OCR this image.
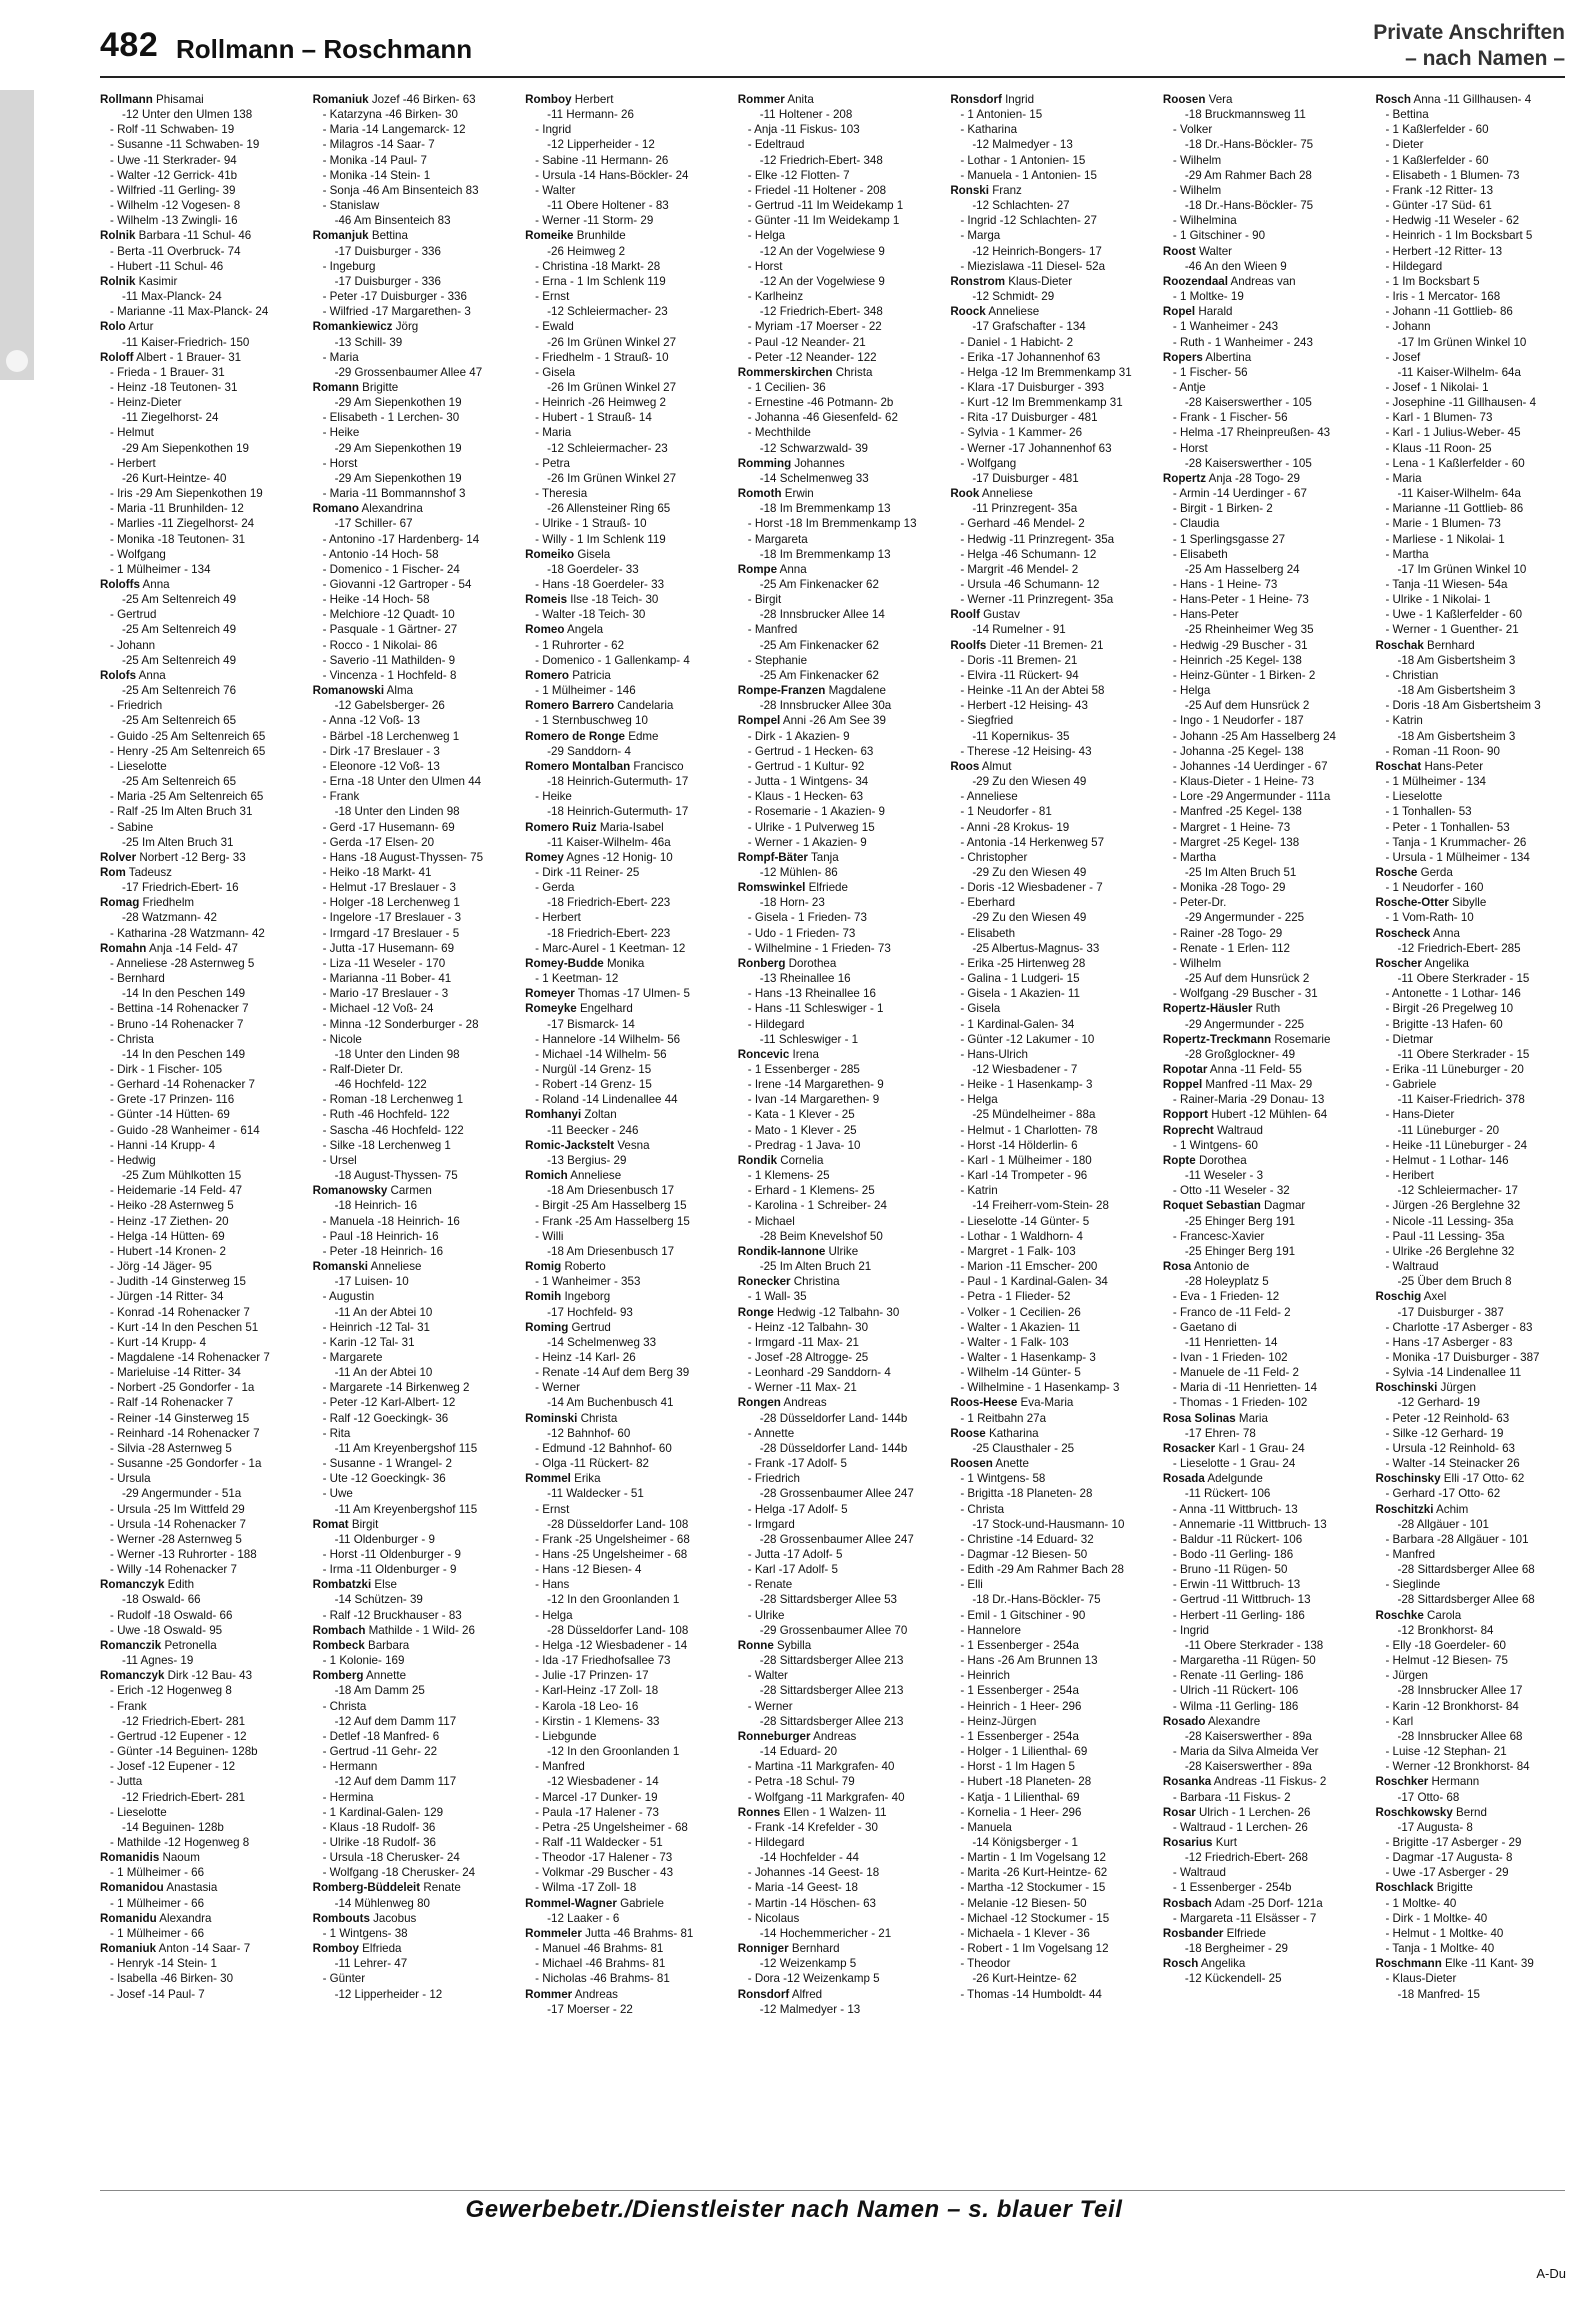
482 Rollmann – Roschmann
Private Anschriften
– nach Namen –
Rollmann Phisamai
-12 Unter den Ulmen 138
- Rolf -11 Schwaben- 19
- Susanne -11 Schwaben- 19
- Uwe -11 Sterkrader- 94
- Walter -12 Gerrick- 41b
- Wilfried -11 Gerling- 39
- Wilhelm -12 Vogesen- 8
- Wilhelm -13 Zwingli- 16
Rolnik Barbara -11 Schul- 46
- Berta -11 Overbruck- 74
- Hubert -11 Schul- 46
Rolnik Kasimir
-11 Max-Planck- 24
- Marianne -11 Max-Planck- 24
Rolo Artur
-11 Kaiser-Friedrich- 150
Roloff Albert - 1 Brauer- 31
- Frieda - 1 Brauer- 31
- Heinz -18 Teutonen- 31
- Heinz-Dieter
-11 Ziegelhorst- 24
- Helmut
-29 Am Siepenkothen 19
- Herbert
-26 Kurt-Heintze- 40
- Iris -29 Am Siepenkothen 19
- Maria -11 Brunhilden- 12
- Marlies -11 Ziegelhorst- 24
- Monika -18 Teutonen- 31
- Wolfgang
- 1 Mülheimer - 134
Roloffs Anna
-25 Am Seltenreich 49
- Gertrud
-25 Am Seltenreich 49
- Johann
-25 Am Seltenreich 49
Rolofs Anna
-25 Am Seltenreich 76
- Friedrich
-25 Am Seltenreich 65
- Guido -25 Am Seltenreich 65
- Henry -25 Am Seltenreich 65
- Lieselotte
-25 Am Seltenreich 65
- Maria -25 Am Seltenreich 65
- Ralf -25 Im Alten Bruch 31
- Sabine
-25 Im Alten Bruch 31
Rolver Norbert -12 Berg- 33
Rom Tadeusz
-17 Friedrich-Ebert- 16
Romag Friedhelm
-28 Watzmann- 42
- Katharina -28 Watzmann- 42
Romahn Anja -14 Feld- 47
- Anneliese -28 Asternweg 5
- Bernhard
-14 In den Peschen 149
- Bettina -14 Rohenacker 7
- Bruno -14 Rohenacker 7
- Christa
-14 In den Peschen 149
- Dirk - 1 Fischer- 105
- Gerhard -14 Rohenacker 7
- Grete -17 Prinzen- 116
- Günter -14 Hütten- 69
- Guido -28 Wanheimer - 614
- Hanni -14 Krupp- 4
- Hedwig
-25 Zum Mühlkotten 15
- Heidemarie -14 Feld- 47
- Heiko -28 Asternweg 5
- Heinz -17 Ziethen- 20
- Helga -14 Hütten- 69
- Hubert -14 Kronen- 2
- Jörg -14 Jäger- 95
- Judith -14 Ginsterweg 15
- Jürgen -14 Ritter- 34
- Konrad -14 Rohenacker 7
- Kurt -14 In den Peschen 51
- Kurt -14 Krupp- 4
- Magdalene -14 Rohenacker 7
- Marieluise -14 Ritter- 34
- Norbert -25 Gondorfer - 1a
- Ralf -14 Rohenacker 7
- Reiner -14 Ginsterweg 15
- Reinhard -14 Rohenacker 7
- Silvia -28 Asternweg 5
- Susanne -25 Gondorfer - 1a
- Ursula
-29 Angermunder - 51a
- Ursula -25 Im Wittfeld 29
- Ursula -14 Rohenacker 7
- Werner -28 Asternweg 5
- Werner -13 Ruhrorter - 188
- Willy -14 Rohenacker 7
Romanczyk Edith
-18 Oswald- 66
- Rudolf -18 Oswald- 66
- Uwe -18 Oswald- 95
Romanczik Petronella
-11 Agnes- 19
Romanczyk Dirk -12 Bau- 43
- Erich -12 Hogenweg 8
- Frank
-12 Friedrich-Ebert- 281
- Gertrud -12 Eupener - 12
- Günter -14 Beguinen- 128b
- Josef -12 Eupener - 12
- Jutta
-12 Friedrich-Ebert- 281
- Lieselotte
-14 Beguinen- 128b
- Mathilde -12 Hogenweg 8
Romanidis Naoum
- 1 Mülheimer - 66
Romanidou Anastasia
- 1 Mülheimer - 66
Romanidu Alexandra
- 1 Mülheimer - 66
Romaniuk Anton -14 Saar- 7
- Henryk -14 Stein- 1
- Isabella -46 Birken- 30
- Josef -14 Paul- 7
Romaniuk Jozef -46 Birken- 63
- Katarzyna -46 Birken- 30
- Maria -14 Langemarck- 12
- Milagros -14 Saar- 7
- Monika -14 Paul- 7
- Monika -14 Stein- 1
- Sonja -46 Am Binsenteich 83
- Stanislaw
-46 Am Binsenteich 83
Romanjuk Bettina
-17 Duisburger - 336
- Ingeburg
-17 Duisburger - 336
- Peter -17 Duisburger - 336
- Wilfried -17 Margarethen- 3
Romankiewicz Jörg
-13 Schill- 39
- Maria
-29 Grossenbaumer Allee 47
Romann Brigitte
-29 Am Siepenkothen 19
- Elisabeth - 1 Lerchen- 30
- Heike
-29 Am Siepenkothen 19
- Horst
-29 Am Siepenkothen 19
- Maria -11 Bommannshof 3
Romano Alexandrina
-17 Schiller- 67
- Antonino -17 Hardenberg- 14
- Antonio -14 Hoch- 58
- Domenico - 1 Fischer- 24
- Giovanni -12 Gartroper - 54
- Heike -14 Hoch- 58
- Melchiore -12 Quadt- 10
- Pasquale - 1 Gärtner- 27
- Rocco - 1 Nikolai- 86
- Saverio -11 Mathilden- 9
- Vincenza - 1 Hochfeld- 8
Romanowski Alma
-12 Gabelsberger- 26
- Anna -12 Voß- 13
- Bärbel -18 Lerchenweg 1
- Dirk -17 Breslauer - 3
- Eleonore -12 Voß- 13
- Erna -18 Unter den Ulmen 44
- Frank
-18 Unter den Linden 98
- Gerd -17 Husemann- 69
- Gerda -17 Elsen- 20
- Hans -18 August-Thyssen- 75
- Heiko -18 Markt- 41
- Helmut -17 Breslauer - 3
- Holger -18 Lerchenweg 1
- Ingelore -17 Breslauer - 3
- Irmgard -17 Breslauer - 5
- Jutta -17 Husemann- 69
- Liza -11 Weseler - 170
- Marianna -11 Bober- 41
- Mario -17 Breslauer - 3
- Michael -12 Voß- 24
- Minna -12 Sonderburger - 28
- Nicole
-18 Unter den Linden 98
- Ralf-Dieter Dr.
-46 Hochfeld- 122
- Roman -18 Lerchenweg 1
- Ruth -46 Hochfeld- 122
- Sascha -46 Hochfeld- 122
- Silke -18 Lerchenweg 1
- Ursel
-18 August-Thyssen- 75
Romanowsky Carmen
-18 Heinrich- 16
- Manuela -18 Heinrich- 16
- Paul -18 Heinrich- 16
- Peter -18 Heinrich- 16
Romanski Anneliese
-17 Luisen- 10
- Augustin
-11 An der Abtei 10
- Heinrich -12 Tal- 31
- Karin -12 Tal- 31
- Margarete
-11 An der Abtei 10
- Margarete -14 Birkenweg 2
- Peter -12 Karl-Albert- 12
- Ralf -12 Goeckingk- 36
- Rita
-11 Am Kreyenbergshof 115
- Susanne - 1 Wrangel- 2
- Ute -12 Goeckingk- 36
- Uwe
-11 Am Kreyenbergshof 115
Romat Birgit
-11 Oldenburger - 9
- Horst -11 Oldenburger - 9
- Irma -11 Oldenburger - 9
Rombatzki Else
-14 Schützen- 39
- Ralf -12 Bruckhauser - 83
Rombach Mathilde - 1 Wild- 26
Rombeck Barbara
- 1 Kolonie- 169
Romberg Annette
-18 Am Damm 25
- Christa
-12 Auf dem Damm 117
- Detlef -18 Manfred- 6
- Gertrud -11 Gehr- 22
- Hermann
-12 Auf dem Damm 117
- Hermina
- 1 Kardinal-Galen- 129
- Klaus -18 Rudolf- 36
- Ulrike -18 Rudolf- 36
- Ursula -18 Cherusker- 24
- Wolfgang -18 Cherusker- 24
Romberg-Büddeleit Renate
-14 Mühlenweg 80
Rombouts Jacobus
- 1 Wintgens- 38
Romboy Elfrieda
-11 Lehrer- 47
- Günter
-12 Lipperheider - 12
Romboy Herbert
-11 Hermann- 26
- Ingrid
-12 Lipperheider - 12
- Sabine -11 Hermann- 26
- Ursula -14 Hans-Böckler- 24
- Walter
-11 Obere Holtener - 83
- Werner -11 Storm- 29
Romeike Brunhilde
-26 Heimweg 2
- Christina -18 Markt- 28
- Erna - 1 Im Schlenk 119
- Ernst
-12 Schleiermacher- 23
- Ewald
-26 Im Grünen Winkel 27
- Friedhelm - 1 Strauß- 10
- Gisela
-26 Im Grünen Winkel 27
- Heinrich -26 Heimweg 2
- Hubert - 1 Strauß- 14
- Maria
-12 Schleiermacher- 23
- Petra
-26 Im Grünen Winkel 27
- Theresia
-26 Allensteiner Ring 65
- Ulrike - 1 Strauß- 10
- Willy - 1 Im Schlenk 119
Romeiko Gisela
-18 Goerdeler- 33
- Hans -18 Goerdeler- 33
Romeis Ilse -18 Teich- 30
- Walter -18 Teich- 30
Romeo Angela
- 1 Ruhrorter - 62
- Domenico - 1 Gallenkamp- 4
Romero Patricia
- 1 Mülheimer - 146
Romero Barrero Candelaria
- 1 Sternbuschweg 10
Romero de Ronge Edme
-29 Sanddorn- 4
Romero Montalban Francisco
-18 Heinrich-Gutermuth- 17
- Heike
-18 Heinrich-Gutermuth- 17
Romero Ruiz Maria-Isabel
-11 Kaiser-Wilhelm- 46a
Romey Agnes -12 Honig- 10
- Dirk -11 Reiner- 25
- Gerda
-18 Friedrich-Ebert- 223
- Herbert
-18 Friedrich-Ebert- 223
- Marc-Aurel - 1 Keetman- 12
Romey-Budde Monika
- 1 Keetman- 12
Romeyer Thomas -17 Ulmen- 5
Romeyke Engelhard
-17 Bismarck- 14
- Hannelore -14 Wilhelm- 56
- Michael -14 Wilhelm- 56
- Nurgül -14 Grenz- 15
- Robert -14 Grenz- 15
- Roland -14 Lindenallee 44
Romhanyi Zoltan
-11 Beecker - 246
Romic-Jackstelt Vesna
-13 Bergius- 29
Romich Anneliese
-18 Am Driesenbusch 17
- Birgit -25 Am Hasselberg 15
- Frank -25 Am Hasselberg 15
- Willi
-18 Am Driesenbusch 17
Romig Roberto
- 1 Wanheimer - 353
Romih Ingeborg
-17 Hochfeld- 93
Roming Gertrud
-14 Schelmenweg 33
- Heinz -14 Karl- 26
- Renate -14 Auf dem Berg 39
- Werner
-14 Am Buchenbusch 41
Rominski Christa
-12 Bahnhof- 60
- Edmund -12 Bahnhof- 60
- Olga -11 Rückert- 82
Rommel Erika
-11 Waldecker - 51
- Ernst
-28 Düsseldorfer Land- 108
- Frank -25 Ungelsheimer - 68
- Hans -25 Ungelsheimer - 68
- Hans -12 Biesen- 4
- Hans
-12 In den Groonlanden 1
- Helga
-28 Düsseldorfer Land- 108
- Helga -12 Wiesbadener - 14
- Ida -17 Friedhofsallee 73
- Julie -17 Prinzen- 17
- Karl-Heinz -17 Zoll- 18
- Karola -18 Leo- 16
- Kirstin - 1 Klemens- 33
- Liebgunde
-12 In den Groonlanden 1
- Manfred
-12 Wiesbadener - 14
- Marcel -17 Dunker- 19
- Paula -17 Halener - 73
- Petra -25 Ungelsheimer - 68
- Ralf -11 Waldecker - 51
- Theodor -17 Halener - 73
- Volkmar -29 Buscher - 43
- Wilma -17 Zoll- 18
Rommel-Wagner Gabriele
-12 Laaker - 6
Rommeler Jutta -46 Brahms- 81
- Manuel -46 Brahms- 81
- Michael -46 Brahms- 81
- Nicholas -46 Brahms- 81
Rommer Andreas
-17 Moerser - 22
Rommer Anita
-11 Holtener - 208
- Anja -11 Fiskus- 103
- Edeltraud
-12 Friedrich-Ebert- 348
- Elke -12 Flotten- 7
- Friedel -11 Holtener - 208
- Gertrud -11 Im Weidekamp 1
- Günter -11 Im Weidekamp 1
- Helga
-12 An der Vogelwiese 9
- Horst
-12 An der Vogelwiese 9
- Karlheinz
-12 Friedrich-Ebert- 348
- Myriam -17 Moerser - 22
- Paul -12 Neander- 21
- Peter -12 Neander- 122
Rommerskirchen Christa
- 1 Cecilien- 36
- Ernestine -46 Potmann- 2b
- Johanna -46 Giesenfeld- 62
- Mechthilde
-12 Schwarzwald- 39
Romming Johannes
-14 Schelmenweg 33
Romoth Erwin
-18 Im Bremmenkamp 13
- Horst -18 Im Bremmenkamp 13
- Margareta
-18 Im Bremmenkamp 13
Rompe Anna
-25 Am Finkenacker 62
- Birgit
-28 Innsbrucker Allee 14
- Manfred
-25 Am Finkenacker 62
- Stephanie
-25 Am Finkenacker 62
Rompe-Franzen Magdalene
-28 Innsbrucker Allee 30a
Rompel Anni -26 Am See 39
- Dirk - 1 Akazien- 9
- Gertrud - 1 Hecken- 63
- Gertrud - 1 Kultur- 92
- Jutta - 1 Wintgens- 34
- Klaus - 1 Hecken- 63
- Rosemarie - 1 Akazien- 9
- Ulrike - 1 Pulverweg 15
- Werner - 1 Akazien- 9
Rompf-Bäter Tanja
-12 Mühlen- 86
Romswinkel Elfriede
-18 Horn- 23
- Gisela - 1 Frieden- 73
- Udo - 1 Frieden- 73
- Wilhelmine - 1 Frieden- 73
Ronberg Dorothea
-13 Rheinallee 16
- Hans -13 Rheinallee 16
- Hans -11 Schleswiger - 1
- Hildegard
-11 Schleswiger - 1
Roncevic Irena
- 1 Essenberger - 285
- Irene -14 Margarethen- 9
- Ivan -14 Margarethen- 9
- Kata - 1 Klever - 25
- Mato - 1 Klever - 25
- Predrag - 1 Java- 10
Rondik Cornelia
- 1 Klemens- 25
- Erhard - 1 Klemens- 25
- Karolina - 1 Schreiber- 24
- Michael
-28 Beim Knevelshof 50
Rondik-Iannone Ulrike
-25 Im Alten Bruch 21
Ronecker Christina
- 1 Wall- 35
Ronge Hedwig -12 Talbahn- 30
- Heinz -12 Talbahn- 30
- Irmgard -11 Max- 21
- Josef -28 Altrogge- 25
- Leonhard -29 Sanddorn- 4
- Werner -11 Max- 21
Rongen Andreas
-28 Düsseldorfer Land- 144b
- Annette
-28 Düsseldorfer Land- 144b
- Frank -17 Adolf- 5
- Friedrich
-28 Grossenbaumer Allee 247
- Helga -17 Adolf- 5
- Irmgard
-28 Grossenbaumer Allee 247
- Jutta -17 Adolf- 5
- Karl -17 Adolf- 5
- Renate
-28 Sittardsberger Allee 53
- Ulrike
-29 Grossenbaumer Allee 70
Ronne Sybilla
-28 Sittardsberger Allee 213
- Walter
-28 Sittardsberger Allee 213
- Werner
-28 Sittardsberger Allee 213
Ronneburger Andreas
-14 Eduard- 20
- Martina -11 Markgrafen- 40
- Petra -18 Schul- 79
- Wolfgang -11 Markgrafen- 40
Ronnes Ellen - 1 Walzen- 11
- Frank -14 Krefelder - 30
- Hildegard
-14 Hochfelder - 44
- Johannes -14 Geest- 18
- Maria -14 Geest- 18
- Martin -14 Höschen- 63
- Nicolaus
-14 Hochemmericher - 21
Ronniger Bernhard
-12 Weizenkamp 5
- Dora -12 Weizenkamp 5
Ronsdorf Alfred
-12 Malmedyer - 13
Ronsdorf Ingrid
- 1 Antonien- 15
- Katharina
-12 Malmedyer - 13
- Lothar - 1 Antonien- 15
- Manuela - 1 Antonien- 15
Ronski Franz
-12 Schlachten- 27
- Ingrid -12 Schlachten- 27
- Marga
-12 Heinrich-Bongers- 17
- Miezislawa -11 Diesel- 52a
Ronstrom Klaus-Dieter
-12 Schmidt- 29
Roock Anneliese
-17 Grafschafter - 134
- Daniel - 1 Habicht- 2
- Erika -17 Johannenhof 63
- Helga -12 Im Bremmenkamp 31
- Klara -17 Duisburger - 393
- Kurt -12 Im Bremmenkamp 31
- Rita -17 Duisburger - 481
- Sylvia - 1 Kammer- 26
- Werner -17 Johannenhof 63
- Wolfgang
-17 Duisburger - 481
Rook Anneliese
-11 Prinzregent- 35a
- Gerhard -46 Mendel- 2
- Hedwig -11 Prinzregent- 35a
- Helga -46 Schumann- 12
- Margrit -46 Mendel- 2
- Ursula -46 Schumann- 12
- Werner -11 Prinzregent- 35a
Roolf Gustav
-14 Rumelner - 91
Roolfs Dieter -11 Bremen- 21
- Doris -11 Bremen- 21
- Elvira -11 Rückert- 94
- Heinke -11 An der Abtei 58
- Herbert -12 Heising- 43
- Siegfried
-11 Kopernikus- 35
- Therese -12 Heising- 43
Roos Almut
-29 Zu den Wiesen 49
- Anneliese
- 1 Neudorfer - 81
- Anni -28 Krokus- 19
- Antonia -14 Herkenweg 57
- Christopher
-29 Zu den Wiesen 49
- Doris -12 Wiesbadener - 7
- Eberhard
-29 Zu den Wiesen 49
- Elisabeth
-25 Albertus-Magnus- 33
- Erika -25 Hirtenweg 28
- Galina - 1 Ludgeri- 15
- Gisela - 1 Akazien- 11
- Gisela
- 1 Kardinal-Galen- 34
- Günter -12 Lakumer - 10
- Hans-Ulrich
-12 Wiesbadener - 7
- Heike - 1 Hasenkamp- 3
- Helga
-25 Mündelheimer - 88a
- Helmut - 1 Charlotten- 78
- Horst -14 Hölderlin- 6
- Karl - 1 Mülheimer - 180
- Karl -14 Trompeter - 96
- Katrin
-14 Freiherr-vom-Stein- 28
- Lieselotte -14 Günter- 5
- Lothar - 1 Waldhorn- 4
- Margret - 1 Falk- 103
- Marion -11 Emscher- 200
- Paul - 1 Kardinal-Galen- 34
- Petra - 1 Flieder- 52
- Volker - 1 Cecilien- 26
- Walter - 1 Akazien- 11
- Walter - 1 Falk- 103
- Walter - 1 Hasenkamp- 3
- Wilhelm -14 Günter- 5
- Wilhelmine - 1 Hasenkamp- 3
Roos-Heese Eva-Maria
- 1 Reitbahn 27a
Roose Katharina
-25 Clausthaler - 25
Roosen Anette
- 1 Wintgens- 58
- Brigitta -18 Planeten- 28
- Christa
-17 Stock-und-Hausmann- 10
- Christine -14 Eduard- 32
- Dagmar -12 Biesen- 50
- Edith -29 Am Rahmer Bach 28
- Elli
-18 Dr.-Hans-Böckler- 75
- Emil - 1 Gitschiner - 90
- Hannelore
- 1 Essenberger - 254a
- Hans -26 Am Brunnen 13
- Heinrich
- 1 Essenberger - 254a
- Heinrich - 1 Heer- 296
- Heinz-Jürgen
- 1 Essenberger - 254a
- Holger - 1 Lilienthal- 69
- Horst - 1 Im Hagen 5
- Hubert -18 Planeten- 28
- Katja - 1 Lilienthal- 69
- Kornelia - 1 Heer- 296
- Manuela
-14 Königsberger - 1
- Martin - 1 Im Vogelsang 12
- Marita -26 Kurt-Heintze- 62
- Martha -12 Stockumer - 15
- Melanie -12 Biesen- 50
- Michael -12 Stockumer - 15
- Michaela - 1 Klever - 36
- Robert - 1 Im Vogelsang 12
- Theodor
-26 Kurt-Heintze- 62
- Thomas -14 Humboldt- 44
Roosen Vera
-18 Bruckmannsweg 11
- Volker
-18 Dr.-Hans-Böckler- 75
- Wilhelm
-29 Am Rahmer Bach 28
- Wilhelm
-18 Dr.-Hans-Böckler- 75
- Wilhelmina
- 1 Gitschiner - 90
Roost Walter
-46 An den Wieen 9
Roozendaal Andreas van
- 1 Moltke- 19
Ropel Harald
- 1 Wanheimer - 243
- Ruth - 1 Wanheimer - 243
Ropers Albertina
- 1 Fischer- 56
- Antje
-28 Kaiserswerther - 105
- Frank - 1 Fischer- 56
- Helma -17 Rheinpreußen- 43
- Horst
-28 Kaiserswerther - 105
Ropertz Anja -28 Togo- 29
- Armin -14 Uerdinger - 67
- Birgit - 1 Birken- 2
- Claudia
- 1 Sperlingsgasse 27
- Elisabeth
-25 Am Hasselberg 24
- Hans - 1 Heine- 73
- Hans-Peter - 1 Heine- 73
- Hans-Peter
-25 Rheinheimer Weg 35
- Hedwig -29 Buscher - 31
- Heinrich -25 Kegel- 138
- Heinz-Günter - 1 Birken- 2
- Helga
-25 Auf dem Hunsrück 2
- Ingo - 1 Neudorfer - 187
- Johann -25 Am Hasselberg 24
- Johanna -25 Kegel- 138
- Johannes -14 Uerdinger - 67
- Klaus-Dieter - 1 Heine- 73
- Lore -29 Angermunder - 111a
- Manfred -25 Kegel- 138
- Margret - 1 Heine- 73
- Margret -25 Kegel- 138
- Martha
-25 Im Alten Bruch 51
- Monika -28 Togo- 29
- Peter-Dr.
-29 Angermunder - 225
- Rainer -28 Togo- 29
- Renate - 1 Erlen- 112
- Wilhelm
-25 Auf dem Hunsrück 2
- Wolfgang -29 Buscher - 31
Ropertz-Häusler Ruth
-29 Angermunder - 225
Ropertz-Treckmann Rosemarie
-28 Großglockner- 49
Ropotar Anna -11 Feld- 55
Roppel Manfred -11 Max- 29
- Rainer-Maria -29 Donau- 13
Ropport Hubert -12 Mühlen- 64
Roprecht Waltraud
- 1 Wintgens- 60
Ropte Dorothea
-11 Weseler - 3
- Otto -11 Weseler - 32
Roquet Sebastian Dagmar
-25 Ehinger Berg 191
- Francesc-Xavier
-25 Ehinger Berg 191
Rosa Antonio de
-28 Holeyplatz 5
- Eva - 1 Frieden- 12
- Franco de -11 Feld- 2
- Gaetano di
-11 Henrietten- 14
- Ivan - 1 Frieden- 102
- Manuele de -11 Feld- 2
- Maria di -11 Henrietten- 14
- Thomas - 1 Frieden- 102
Rosa Solinas Maria
-17 Ehren- 78
Rosacker Karl - 1 Grau- 24
- Lieselotte - 1 Grau- 24
Rosada Adelgunde
-11 Rückert- 106
- Anna -11 Wittbruch- 13
- Annemarie -11 Wittbruch- 13
- Baldur -11 Rückert- 106
- Bodo -11 Gerling- 186
- Bruno -11 Rügen- 50
- Erwin -11 Wittbruch- 13
- Gertrud -11 Wittbruch- 13
- Herbert -11 Gerling- 186
- Ingrid
-11 Obere Sterkrader - 138
- Margaretha -11 Rügen- 50
- Renate -11 Gerling- 186
- Ulrich -11 Rückert- 106
- Wilma -11 Gerling- 186
Rosado Alexandre
-28 Kaiserswerther - 89a
- Maria da Silva Almeida Ver
-28 Kaiserswerther - 89a
Rosanka Andreas -11 Fiskus- 2
- Barbara -11 Fiskus- 2
Rosar Ulrich - 1 Lerchen- 26
- Waltraud - 1 Lerchen- 26
Rosarius Kurt
-12 Friedrich-Ebert- 268
- Waltraud
- 1 Essenberger - 254b
Rosbach Adam -25 Dorf- 121a
- Margareta -11 Elsässer - 7
Rosbander Elfriede
-18 Bergheimer - 29
Rosch Angelika
-12 Kückendell- 25
Rosch Anna -11 Gillhausen- 4
- Bettina
- 1 Kaßlerfelder - 60
- Dieter
- 1 Kaßlerfelder - 60
- Elisabeth - 1 Blumen- 73
- Frank -12 Ritter- 13
- Günter -17 Süd- 61
- Hedwig -11 Weseler - 62
- Heinrich - 1 Im Bocksbart 5
- Herbert -12 Ritter- 13
- Hildegard
- 1 Im Bocksbart 5
- Iris - 1 Mercator- 168
- Johann -11 Gottlieb- 86
- Johann
-17 Im Grünen Winkel 10
- Josef
-11 Kaiser-Wilhelm- 64a
- Josef - 1 Nikolai- 1
- Josephine -11 Gillhausen- 4
- Karl - 1 Blumen- 73
- Karl - 1 Julius-Weber- 45
- Klaus -11 Roon- 25
- Lena - 1 Kaßlerfelder - 60
- Maria
-11 Kaiser-Wilhelm- 64a
- Marianne -11 Gottlieb- 86
- Marie - 1 Blumen- 73
- Marliese - 1 Nikolai- 1
- Martha
-17 Im Grünen Winkel 10
- Tanja -11 Wiesen- 54a
- Ulrike - 1 Nikolai- 1
- Uwe - 1 Kaßlerfelder - 60
- Werner - 1 Guenther- 21
Roschak Bernhard
-18 Am Gisbertsheim 3
- Christian
-18 Am Gisbertsheim 3
- Doris -18 Am Gisbertsheim 3
- Katrin
-18 Am Gisbertsheim 3
- Roman -11 Roon- 90
Roschat Hans-Peter
- 1 Mülheimer - 134
- Lieselotte
- 1 Tonhallen- 53
- Peter - 1 Tonhallen- 53
- Tanja - 1 Krummacher- 26
- Ursula - 1 Mülheimer - 134
Rosche Gerda
- 1 Neudorfer - 160
Rosche-Otter Sibylle
- 1 Vom-Rath- 10
Roscheck Anna
-12 Friedrich-Ebert- 285
Roscher Angelika
-11 Obere Sterkrader - 15
- Antonette - 1 Lothar- 146
- Birgit -26 Pregelweg 10
- Brigitte -13 Hafen- 60
- Dietmar
-11 Obere Sterkrader - 15
- Erika -11 Lüneburger - 20
- Gabriele
-11 Kaiser-Friedrich- 378
- Hans-Dieter
-11 Lüneburger - 20
- Heike -11 Lüneburger - 24
- Helmut - 1 Lothar- 146
- Heribert
-12 Schleiermacher- 17
- Jürgen -26 Berglehne 32
- Nicole -11 Lessing- 35a
- Paul -11 Lessing- 35a
- Ulrike -26 Berglehne 32
- Waltraud
-25 Über dem Bruch 8
Roschig Axel
-17 Duisburger - 387
- Charlotte -17 Asberger - 83
- Hans -17 Asberger - 83
- Monika -17 Duisburger - 387
- Sylvia -14 Lindenallee 11
Roschinski Jürgen
-12 Gerhard- 19
- Peter -12 Reinhold- 63
- Silke -12 Gerhard- 19
- Ursula -12 Reinhold- 63
- Walter -14 Steinacker 26
Roschinsky Elli -17 Otto- 62
- Gerhard -17 Otto- 62
Roschitzki Achim
-28 Allgäuer - 101
- Barbara -28 Allgäuer - 101
- Manfred
-28 Sittardsberger Allee 68
- Sieglinde
-28 Sittardsberger Allee 68
Roschke Carola
-12 Bronkhorst- 84
- Elly -18 Goerdeler- 60
- Helmut -12 Biesen- 75
- Jürgen
-28 Innsbrucker Allee 17
- Karin -12 Bronkhorst- 84
- Karl
-28 Innsbrucker Allee 68
- Luise -12 Stephan- 21
- Werner -12 Bronkhorst- 84
Roschker Hermann
-17 Otto- 68
Roschkowsky Bernd
-17 Augusta- 8
- Brigitte -17 Asberger - 29
- Dagmar -17 Augusta- 8
- Uwe -17 Asberger - 29
Roschlack Brigitte
- 1 Moltke- 40
- Dirk - 1 Moltke- 40
- Helmut - 1 Moltke- 40
- Tanja - 1 Moltke- 40
Roschmann Elke -11 Kant- 39
- Klaus-Dieter
-18 Manfred- 15
Gewerbebetr./Dienstleister nach Namen – s. blauer Teil
A-Du
